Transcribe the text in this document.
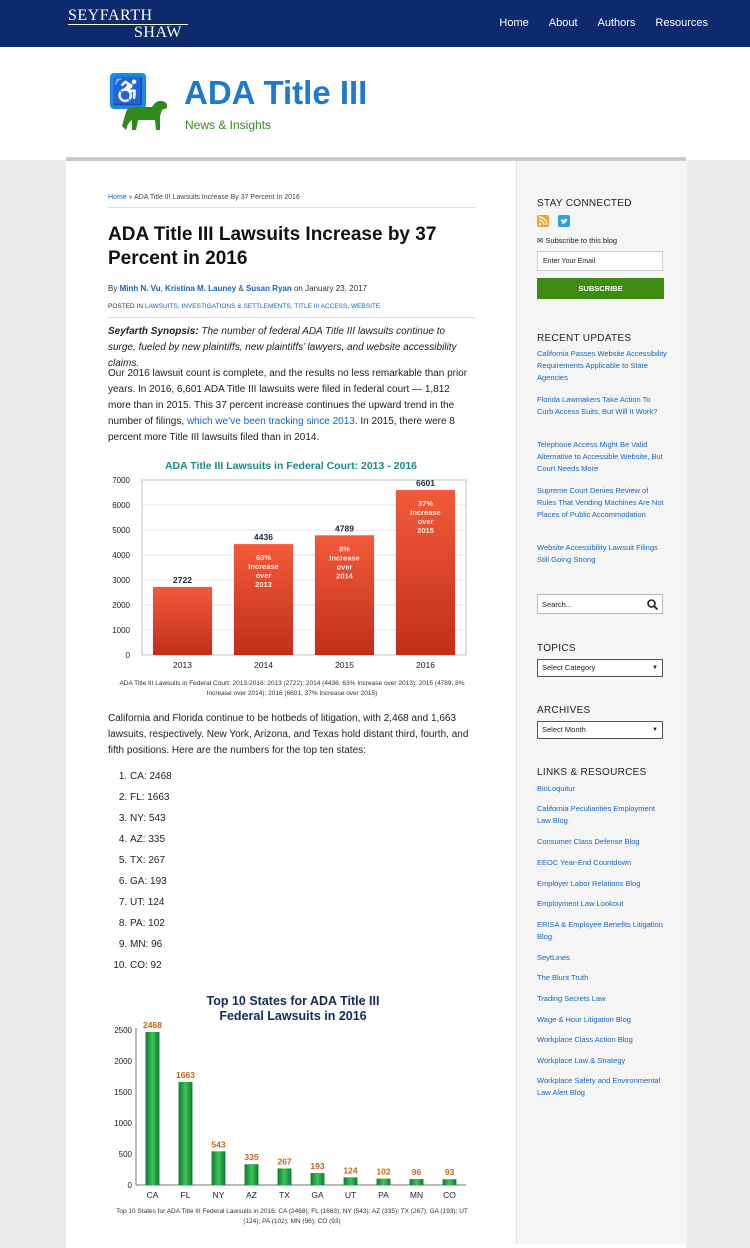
SEYFARTH
SHAW
Home About Authors Resources
♿ ADA Title III
News & Insights
Home » ADA Title III Lawsuits Increase By 37 Percent In 2016
ADA Title III Lawsuits Increase by 37 Percent in 2016
By Minh N. Vu, Kristina M. Launey & Susan Ryan on January 23, 2017
POSTED IN LAWSUITS, INVESTIGATIONS & SETTLEMENTS, TITLE III ACCESS, WEBSITE
Seyfarth Synopsis: The number of federal ADA Title III lawsuits continue to surge, fueled by new plaintiffs, new plaintiffs’ lawyers, and website accessibility claims.
Our 2016 lawsuit count is complete, and the results no less remarkable than prior years. In 2016, 6,601 ADA Title III lawsuits were filed in federal court — 1,812 more than in 2015. This 37 percent increase continues the upward trend in the number of filings, which we’ve been tracking since 2013. In 2015, there were 8 percent more Title III lawsuits filed than in 2014.
ADA Title III Lawsuits in Federal Court: 2013 - 2016
0
1000
2000
3000
4000
5000
6000
7000
2722
2013
4436
2014
63% Increase over 2013
4789
2015
8% Increase over 2014
6601
2016
37% Increase over 2015
ADA Title III Lawsuits in Federal Court: 2013-2016: 2013 (2722); 2014 (4436, 63% Increase over 2013); 2015 (4789, 8% Increase over 2014); 2016 (6601, 37% Increase over 2015)
California and Florida continue to be hotbeds of litigation, with 2,468 and 1,663 lawsuits, respectively. New York, Arizona, and Texas hold distant third, fourth, and fifth positions. Here are the numbers for the top ten states:
1. CA: 2468
2. FL: 1663
3. NY: 543
4. AZ: 335
5. TX: 267
6. GA: 193
7. UT: 124
8. PA: 102
9. MN: 96
10. CO: 92
Top 10 States for ADA Title III Federal Lawsuits in 2016
0
500
1000
1500
2000
2500
2468
CA
1663
FL
543
NY
335
AZ
267
TX
193
GA
124
UT
102
PA
96
MN
93
CO
Top 10 States for ADA Title III Federal Lawsuits in 2016: CA (2468); FL (1663); NY (543); AZ (335); TX (267); GA (193); UT (124); PA (102); MN (96); CO (93)
STAY CONNECTED
✉ Subscribe to this blog
Enter Your Email
SUBSCRIBE
RECENT UPDATES
California Passes Website Accessibility Requirements Applicable to State Agencies
Florida Lawmakers Take Action To Curb Access Suits, But Will It Work?
Telephone Access Might Be Valid Alternative to Accessible Website, But Court Needs More
Supreme Court Denies Review of Rules That Vending Machines Are Not Places of Public Accommodation
Website Accessibility Lawsuit Filings Still Going Strong
Search...
TOPICS
Select Category	▼
ARCHIVES
Select Month	▼
LINKS & RESOURCES
BioLoquitur
California Peculiarities Employment Law Blog
Consumer Class Defense Blog
EEOC Year-End Countdown
Employer Labor Relations Blog
Employment Law Lookout
ERISA & Employee Benefits Litigation Blog
SeytLines
The Blunt Truth
Trading Secrets Law
Wage & Hour Litigation Blog
Workplace Class Action Blog
Workplace Law & Strategy
Workplace Safety and Environmental Law Alert Blog
